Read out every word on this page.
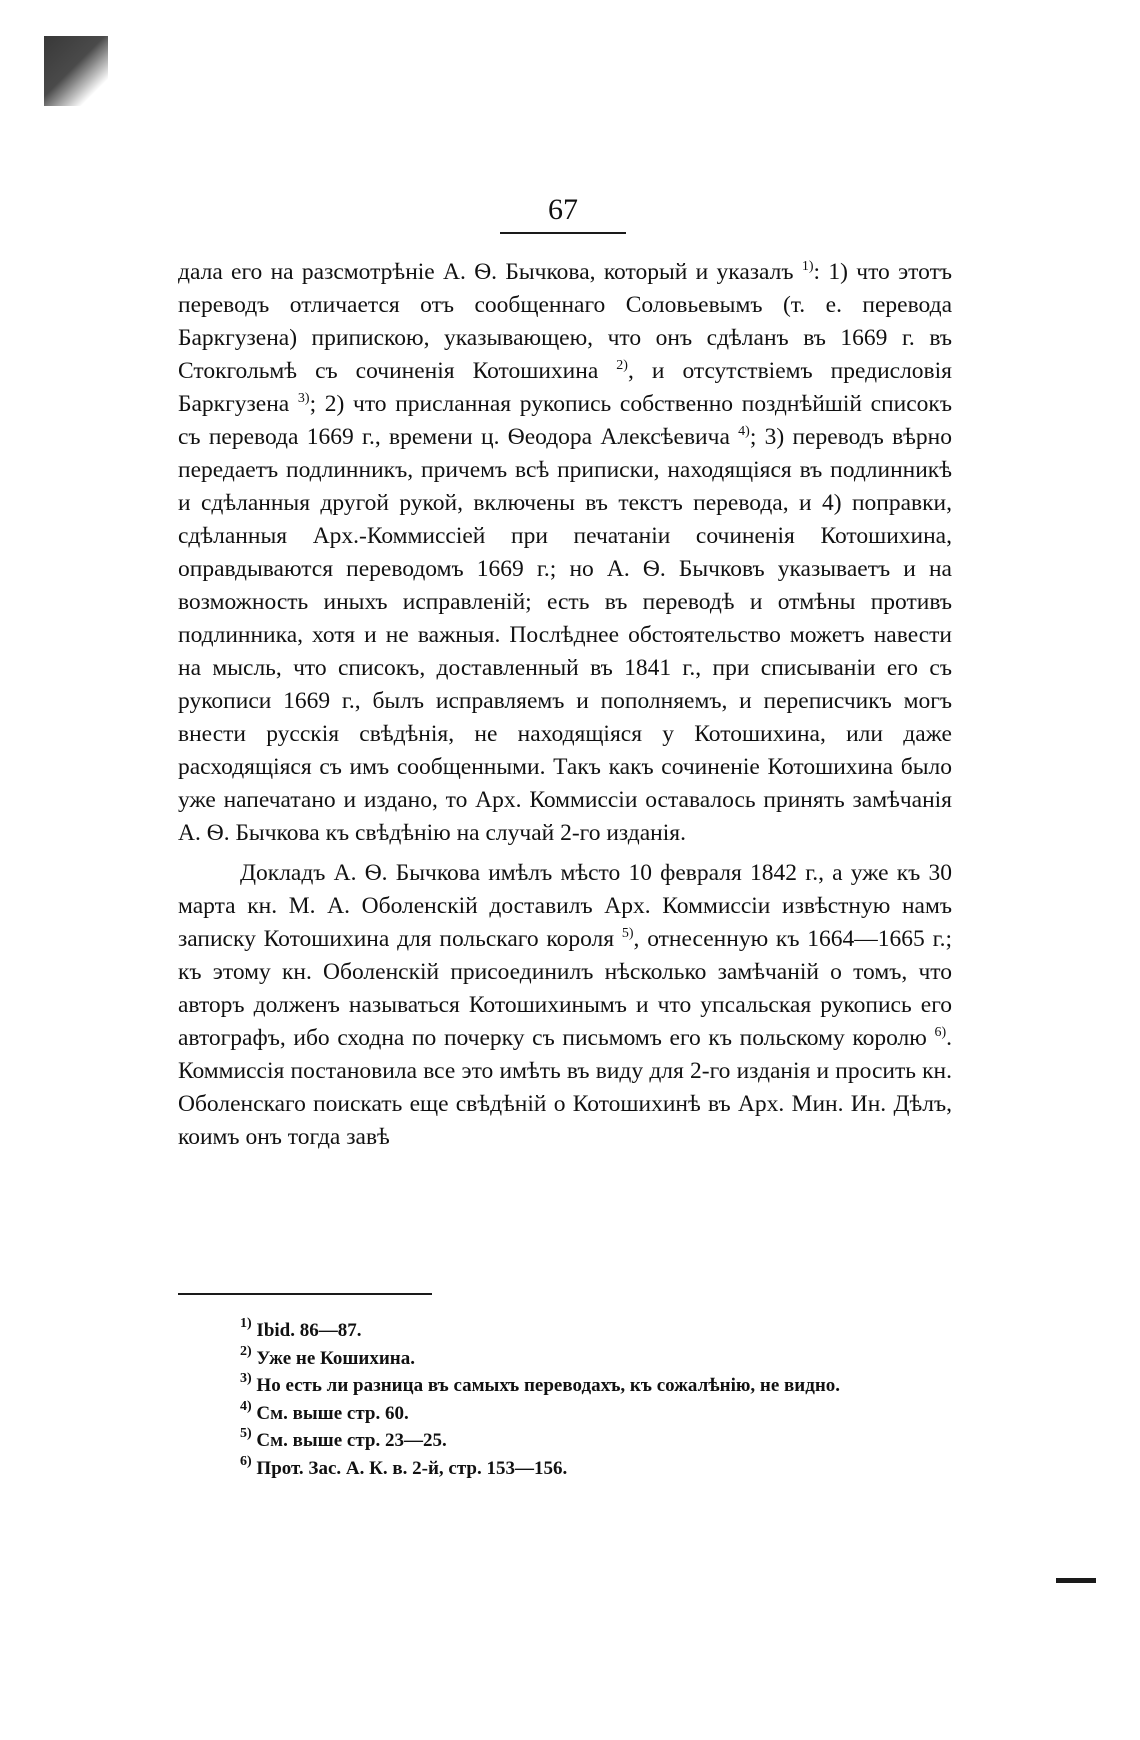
67

дала его на разсмотрѣніе А. Ѳ. Бычкова, который и указалъ $^{1)}$: 1) что этотъ переводъ отличается отъ сообщеннаго Соловьевымъ (т. е. перевода Баркгузена) припискою, указывающею, что онъ сдѣланъ въ 1669 г. въ Стокгольмѣ съ сочиненія Котошихина $^{2)}$, и отсутствіемъ предисловія Баркгузена $^{3)}$; 2) что присланная рукопись собственно позднѣйшій списокъ съ перевода 1669 г., времени ц. Ѳеодора Алексѣевича $^{4)}$; 3) переводъ вѣрно передаетъ подлинникъ, причемъ всѣ приписки, находящіяся въ подлинникѣ и сдѣланныя другой рукой, включены въ текстъ перевода, и 4) поправки, сдѣланныя Арх.-Коммиссіей при печатаніи сочиненія Котошихина, оправдываются переводомъ 1669 г.; но А. Ѳ. Бычковъ указываетъ и на возможность иныхъ исправленій; есть въ переводѣ и отмѣны противъ подлинника, хотя и не важныя. Послѣднее обстоятельство можетъ навести на мысль, что списокъ, доставленный въ 1841 г., при списываніи его съ рукописи 1669 г., былъ исправляемъ и пополняемъ, и переписчикъ могъ внести русскія свѣдѣнія, не находящіяся у Котошихина, или даже расходящіяся съ имъ сообщенными. Такъ какъ сочиненіе Котошихина было уже напечатано и издано, то Арх. Коммиссіи оставалось принять замѣчанія А. Ѳ. Бычкова къ свѣдѣнію на случай 2-го изданія.

Докладъ А. Ѳ. Бычкова имѣлъ мѣсто 10 февраля 1842 г., а уже къ 30 марта кн. М. А. Оболенскій доставилъ Арх. Коммиссіи извѣстную намъ записку Котошихина для польскаго короля $^{5)}$, отнесенную къ 1664—1665 г.; къ этому кн. Оболенскій присоединилъ нѣсколько замѣчаній о томъ, что авторъ долженъ называться Котошихинымъ и что упсальская рукопись его автографъ, ибо сходна по почерку съ письмомъ его къ польскому королю $^{6)}$. Коммиссія постановила все это имѣть въ виду для 2-го изданія и просить кн. Оболенскаго поискать еще свѣдѣній о Котошихинѣ въ Арх. Мин. Ин. Дѣлъ, коимъ онъ тогда завѣ

$^{1)}$ Ibid. 86—87.
$^{2)}$ Уже не Кошихина.
$^{3)}$ Но есть ли разница въ самыхъ переводахъ, къ сожалѣнію, не видно.
$^{4)}$ См. выше стр. 60.
$^{5)}$ См. выше стр. 23—25.
$^{6)}$ Прот. Зас. А. К. в. 2-й, стр. 153—156.
